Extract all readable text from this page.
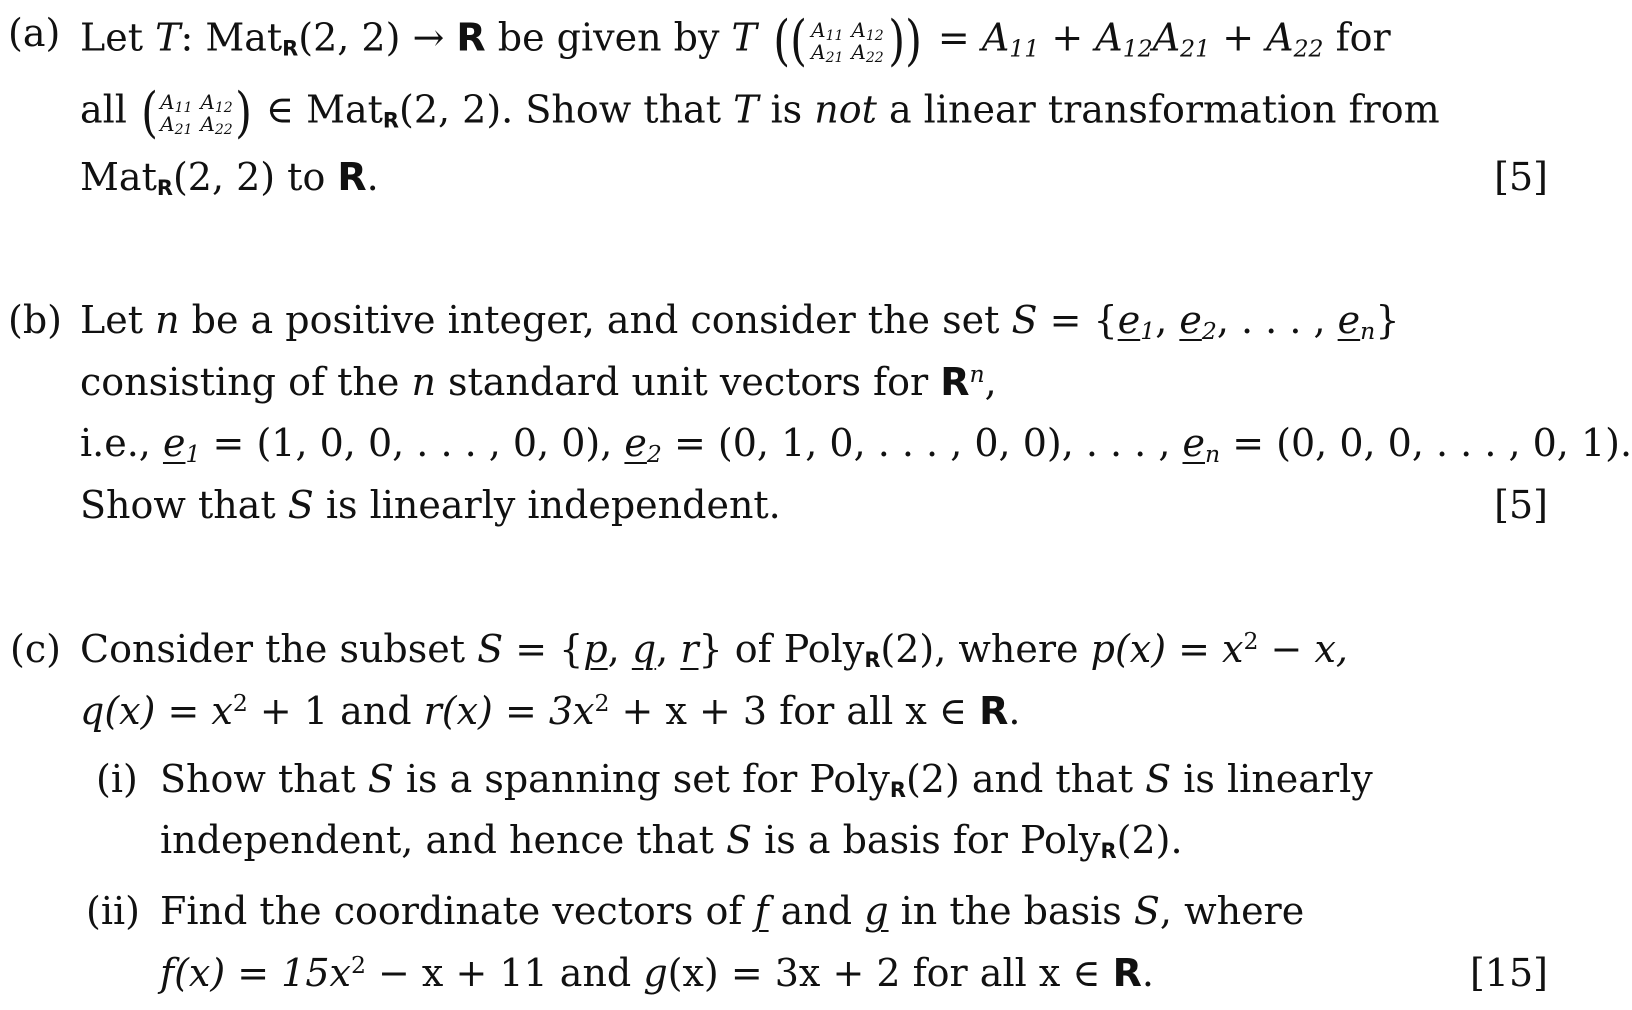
(a) Let T: MatR(2, 2) → R be given by T (( $A_{11}$ $A_{12}$
$A_{21}$ $A_{22}$ )) = $A_{11} + A_{12}A_{21} + A_{22}$ for
all ( $A_{11}$ $A_{12}$
$A_{21}$ $A_{22}$ ) ∈ MatR(2, 2). Show that T is not a linear transformation from
MatR(2, 2) to R.	[5]
(b) Let n be a positive integer, and consider the set $S = \{e_1$, $e_2$, . . . , $e_n$}
consisting of the n standard unit vectors for $R^n$,
i.e., $e_1 = (1$, 0, 0, . . . , 0, 0), $e_2 = (0$, 1, 0, . . . , 0, 0), . . . , $e_n = (0$, 0, 0, . . . , 0, 1).
Show that S is linearly independent.	[5]
(c) Consider the subset S = {p, q, r} of PolyR(2), where $p(x) = x^2 - x$,
$q(x) = x^2 + 1$ and $r(x) = 3x^2 + x + 3$ for all x ∈ R.
(i) Show that S is a spanning set for PolyR(2) and that S is linearly
independent, and hence that S is a basis for PolyR(2).
(ii) Find the coordinate vectors of f and g in the basis S, where
$f(x) = 15x^2 - x + 11$ and g(x) = 3x + 2 for all x ∈ R.	[15]
